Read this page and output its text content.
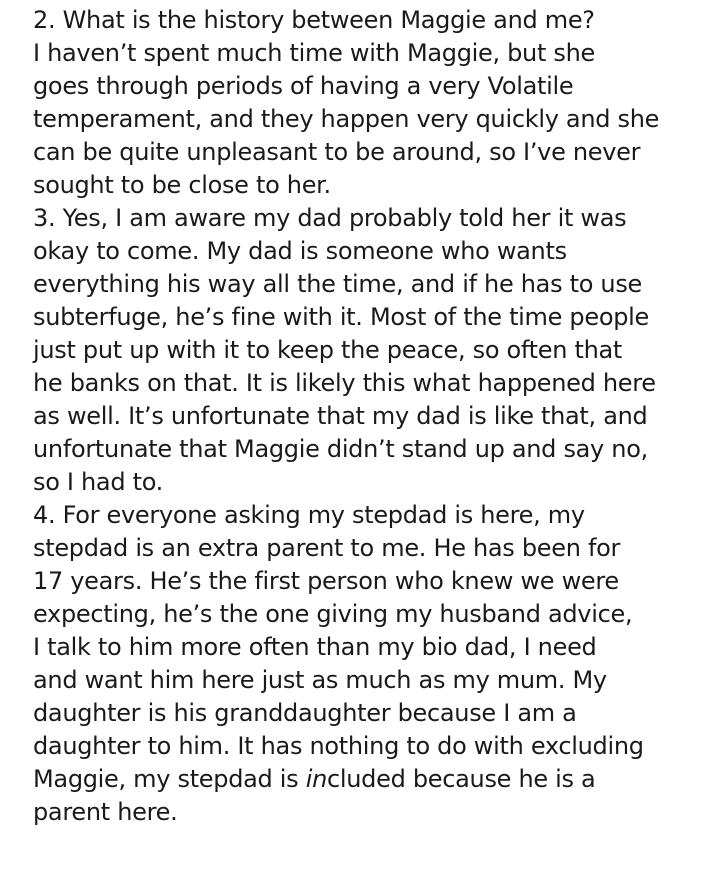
2. What is the history between Maggie and me?
I haven’t spent much time with Maggie, but she
goes through periods of having a very Volatile
temperament, and they happen very quickly and she
can be quite unpleasant to be around, so I’ve never
sought to be close to her.
3. Yes, I am aware my dad probably told her it was
okay to come. My dad is someone who wants
everything his way all the time, and if he has to use
subterfuge, he’s fine with it. Most of the time people
just put up with it to keep the peace, so often that
he banks on that. It is likely this what happened here
as well. It’s unfortunate that my dad is like that, and
unfortunate that Maggie didn’t stand up and say no,
so I had to.
4. For everyone asking my stepdad is here, my
stepdad is an extra parent to me. He has been for
17 years. He’s the first person who knew we were
expecting, he’s the one giving my husband advice,
I talk to him more often than my bio dad, I need
and want him here just as much as my mum. My
daughter is his granddaughter because I am a
daughter to him. It has nothing to do with excluding
Maggie, my stepdad is included because he is a
parent here.
